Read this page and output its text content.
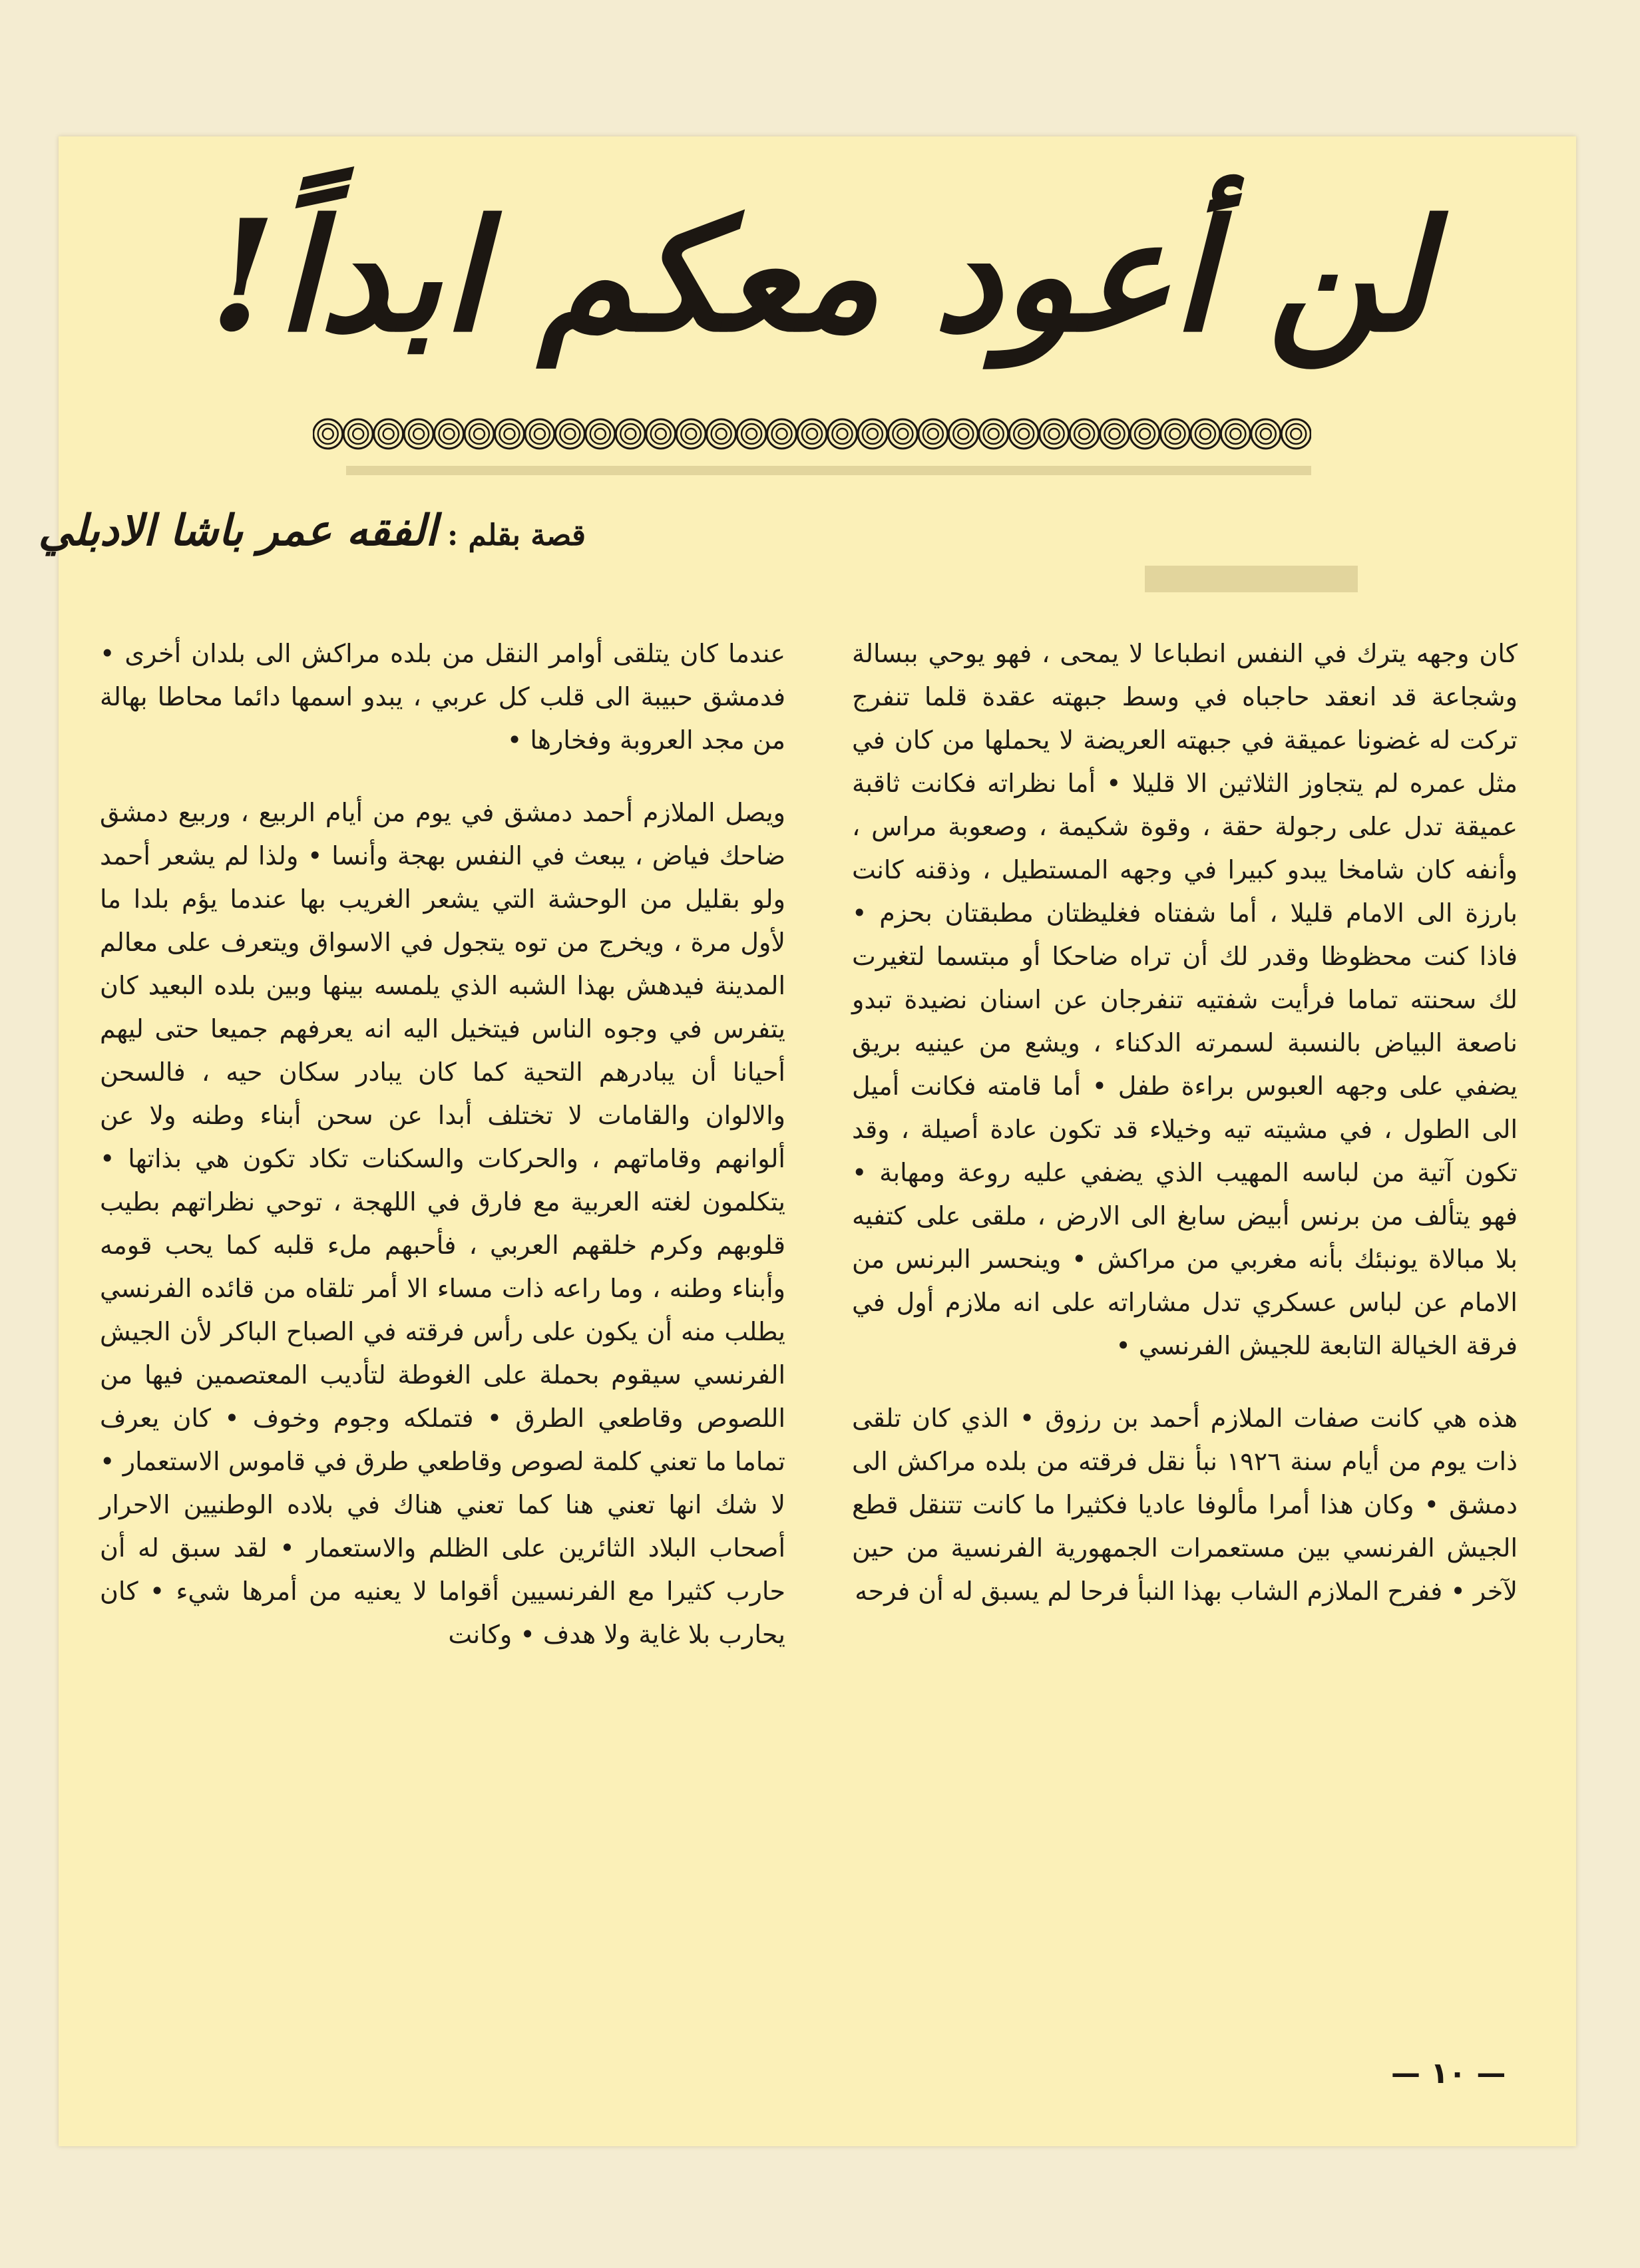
لن أعود معكم ابداً!
قصة بقلم : الفقه عمر باشا الادبلي

كان وجهه يترك في النفس انطباعا لا يمحى ، فهو يوحي ببسالة وشجاعة قد انعقد حاجباه في وسط جبهته عقدة قلما تنفرج تركت له غضونا عميقة في جبهته العريضة لا يحملها من كان في مثل عمره لم يتجاوز الثلاثين الا قليلا • أما نظراته فكانت ثاقبة عميقة تدل على رجولة حقة ، وقوة شكيمة ، وصعوبة مراس ، وأنفه كان شامخا يبدو كبيرا في وجهه المستطيل ، وذقنه كانت بارزة الى الامام قليلا ، أما شفتاه فغليظتان مطبقتان بحزم • فاذا كنت محظوظا وقدر لك أن تراه ضاحكا أو مبتسما لتغيرت لك سحنته تماما فرأيت شفتيه تنفرجان عن اسنان نضيدة تبدو ناصعة البياض بالنسبة لسمرته الدكناء ، ويشع من عينيه بريق يضفي على وجهه العبوس براءة طفل • أما قامته فكانت أميل الى الطول ، في مشيته تيه وخيلاء قد تكون عادة أصيلة ، وقد تكون آتية من لباسه المهيب الذي يضفي عليه روعة ومهابة • فهو يتألف من برنس أبيض سابغ الى الارض ، ملقى على كتفيه بلا مبالاة يونبئك بأنه مغربي من مراكش • وينحسر البرنس من الامام عن لباس عسكري تدل مشاراته على انه ملازم أول في فرقة الخيالة التابعة للجيش الفرنسي •

هذه هي كانت صفات الملازم أحمد بن رزوق • الذي كان تلقى ذات يوم من أيام سنة ١٩٢٦ نبأ نقل فرقته من بلده مراكش الى دمشق • وكان هذا أمرا مألوفا عاديا فكثيرا ما كانت تتنقل قطع الجيش الفرنسي بين مستعمرات الجمهورية الفرنسية من حين لآخر • ففرح الملازم الشاب بهذا النبأ فرحا لم يسبق له أن فرحه

عندما كان يتلقى أوامر النقل من بلده مراكش الى بلدان أخرى • فدمشق حبيبة الى قلب كل عربي ، يبدو اسمها دائما محاطا بهالة من مجد العروبة وفخارها •

ويصل الملازم أحمد دمشق في يوم من أيام الربيع ، وربيع دمشق ضاحك فياض ، يبعث في النفس بهجة وأنسا • ولذا لم يشعر أحمد ولو بقليل من الوحشة التي يشعر الغريب بها عندما يؤم بلدا ما لأول مرة ، ويخرج من توه يتجول في الاسواق ويتعرف على معالم المدينة فيدهش بهذا الشبه الذي يلمسه بينها وبين بلده البعيد كان يتفرس في وجوه الناس فيتخيل اليه انه يعرفهم جميعا حتى ليهم أحيانا أن يبادرهم التحية كما كان يبادر سكان حيه ، فالسحن والالوان والقامات لا تختلف أبدا عن سحن أبناء وطنه ولا عن ألوانهم وقاماتهم ، والحركات والسكنات تكاد تكون هي بذاتها • يتكلمون لغته العربية مع فارق في اللهجة ، توحي نظراتهم بطيب قلوبهم وكرم خلقهم العربي ، فأحبهم ملء قلبه كما يحب قومه وأبناء وطنه ، وما راعه ذات مساء الا أمر تلقاه من قائده الفرنسي يطلب منه أن يكون على رأس فرقته في الصباح الباكر لأن الجيش الفرنسي سيقوم بحملة على الغوطة لتأديب المعتصمين فيها من اللصوص وقاطعي الطرق • فتملكه وجوم وخوف • كان يعرف تماما ما تعني كلمة لصوص وقاطعي طرق في قاموس الاستعمار • لا شك انها تعني هنا كما تعني هناك في بلاده الوطنيين الاحرار أصحاب البلاد الثائرين على الظلم والاستعمار • لقد سبق له أن حارب كثيرا مع الفرنسيين أقواما لا يعنيه من أمرها شيء • كان يحارب بلا غاية ولا هدف • وكانت

— ١٠ —
